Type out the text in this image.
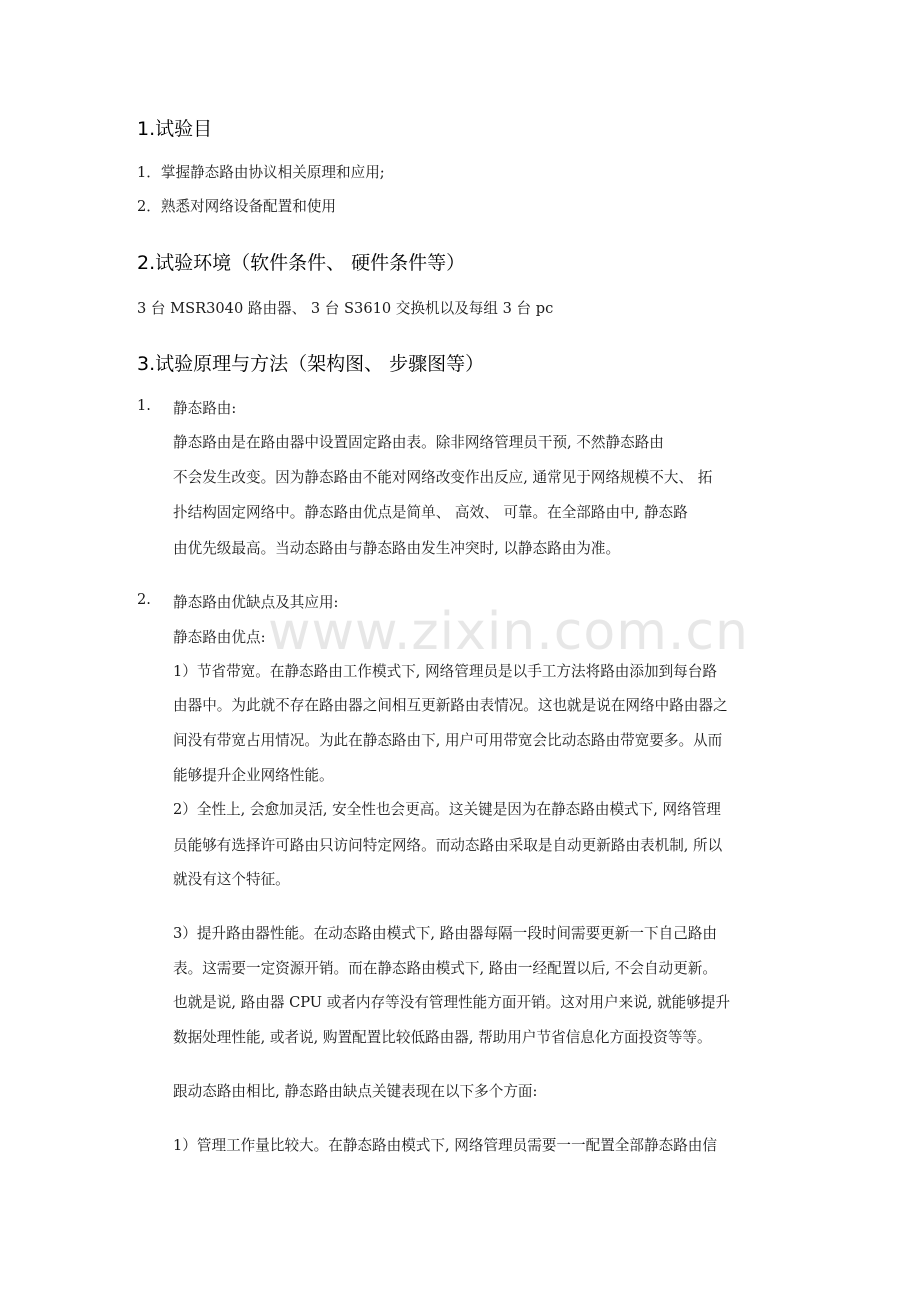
www.zixin.com.cn
1.试验目

1．掌握静态路由协议相关原理和应用;

2．熟悉对网络设备配置和使用

2.试验环境（软件条件、 硬件条件等）

3 台 MSR3040 路由器、 3 台 S3610 交换机以及每组 3 台 pc

3.试验原理与方法（架构图、 步骤图等）

1. 静态路由:

静态路由是在路由器中设置固定路由表。除非网络管理员干预, 不然静态路由

不会发生改变。因为静态路由不能对网络改变作出反应, 通常见于网络规模不大、 拓

扑结构固定网络中。静态路由优点是简单、 高效、 可靠。在全部路由中, 静态路

由优先级最高。当动态路由与静态路由发生冲突时, 以静态路由为准。

2. 静态路由优缺点及其应用:

静态路由优点:

1）节省带宽。在静态路由工作模式下, 网络管理员是以手工方法将路由添加到每台路

由器中。为此就不存在路由器之间相互更新路由表情况。这也就是说在网络中路由器之

间没有带宽占用情况。为此在静态路由下, 用户可用带宽会比动态路由带宽要多。从而

能够提升企业网络性能。

2）全性上, 会愈加灵活, 安全性也会更高。这关键是因为在静态路由模式下, 网络管理

员能够有选择许可路由只访问特定网络。而动态路由采取是自动更新路由表机制, 所以

就没有这个特征。

3）提升路由器性能。在动态路由模式下, 路由器每隔一段时间需要更新一下自己路由

表。这需要一定资源开销。而在静态路由模式下, 路由一经配置以后, 不会自动更新。

也就是说, 路由器 CPU 或者内存等没有管理性能方面开销。这对用户来说, 就能够提升

数据处理性能, 或者说, 购置配置比较低路由器, 帮助用户节省信息化方面投资等等。

跟动态路由相比, 静态路由缺点关键表现在以下多个方面:

1）管理工作量比较大。在静态路由模式下, 网络管理员需要一一配置全部静态路由信
